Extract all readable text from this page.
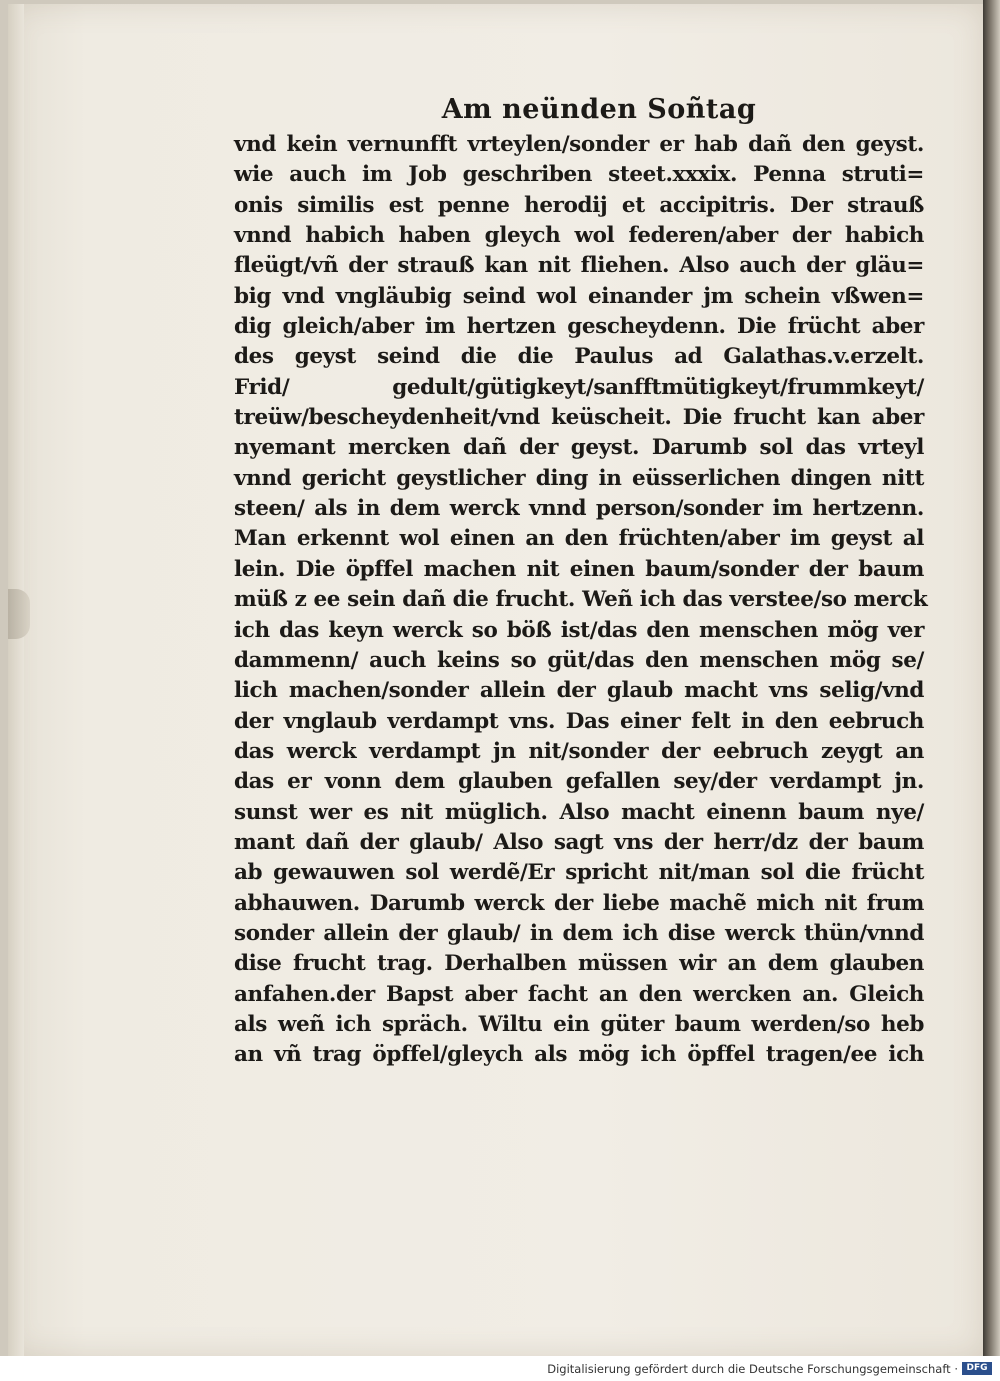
Am neünden Soñtag
vnd kein vernunfft vrteylen/sonder er hab dañ den geyst.
wie auch im Job geschriben steet.xxxix. Penna struti=
onis similis est penne herodij et accipitris. Der strauß
vnnd habich haben gleych wol federen/aber der habich
fleügt/vñ der strauß kan nit fliehen. Also auch der gläu=
big vnd vngläubig seind wol einander jm schein vßwen=
dig gleich/aber im hertzen gescheydenn. Die frücht aber
des geyst seind die die Paulus ad Galathas.v.erzelt.
Frid/ gedult/gütigkeyt/sanfftmütigkeyt/frummkeyt/
treüw/bescheydenheit/vnd keüscheit. Die frucht kan aber
nyemant mercken dañ der geyst. Darumb sol das vrteyl
vnnd gericht geystlicher ding in eüsserlichen dingen nitt
steen/ als in dem werck vnnd person/sonder im hertzenn.
Man erkennt wol einen an den früchten/aber im geyst al
lein. Die öpffel machen nit einen baum/sonder der baum
müß z ee sein dañ die frucht. Weñ ich das verstee/so merck
ich das keyn werck so böß ist/das den menschen mög ver
dammenn/ auch keins so güt/das den menschen mög se/
lich machen/sonder allein der glaub macht vns selig/vnd
der vnglaub verdampt vns. Das einer felt in den eebruch
das werck verdampt jn nit/sonder der eebruch zeygt an
das er vonn dem glauben gefallen sey/der verdampt jn.
sunst wer es nit müglich. Also macht einenn baum nye/
mant dañ der glaub/ Also sagt vns der herr/dz der baum
ab gewauwen sol werdẽ/Er spricht nit/man sol die frücht
abhauwen. Darumb werck der liebe machẽ mich nit frum
sonder allein der glaub/ in dem ich dise werck thün/vnnd
dise frucht trag. Derhalben müssen wir an dem glauben
anfahen.der Bapst aber facht an den wercken an. Gleich
als weñ ich spräch. Wiltu ein güter baum werden/so heb
an vñ trag öpffel/gleych als mög ich öpffel tragen/ee ich
Digitalisierung gefördert durch die Deutsche Forschungsgemeinschaft · DFG
